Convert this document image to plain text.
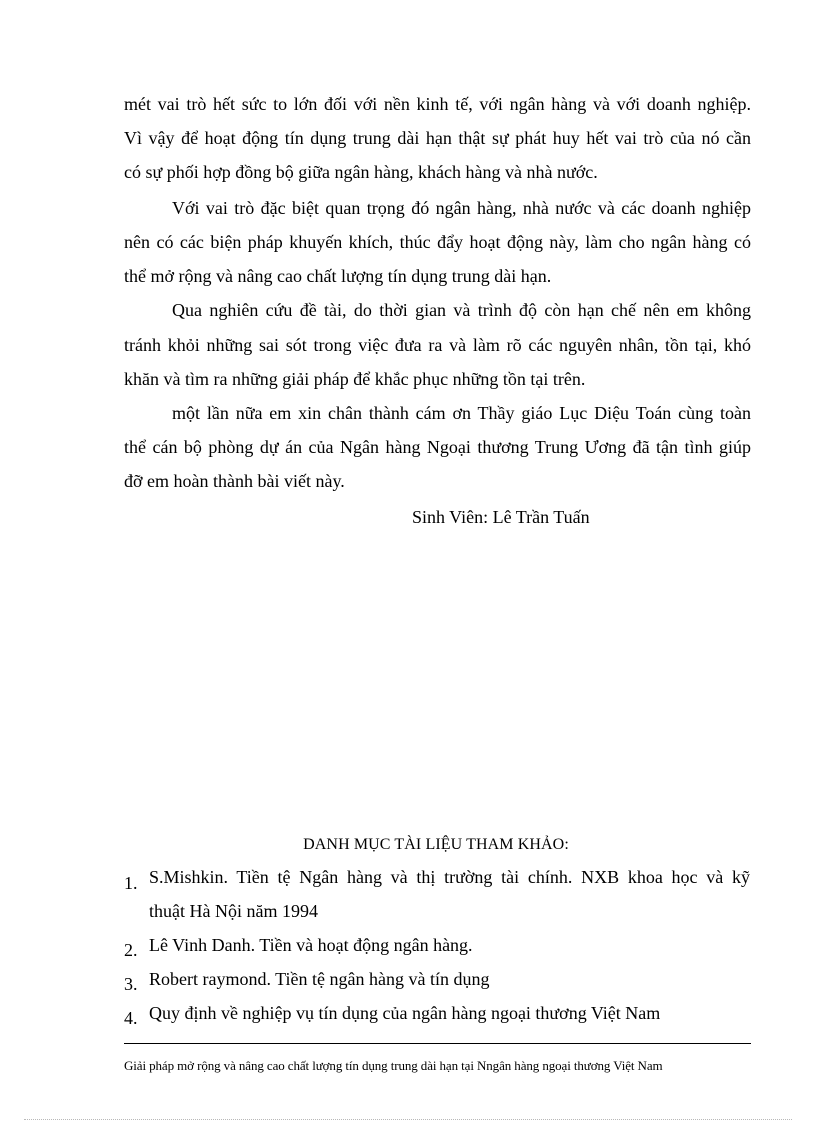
mét vai trò hết sức to lớn đối với nền kinh tế, với ngân hàng và với doanh nghiệp.
Vì vậy để hoạt động tín dụng trung dài hạn thật sự phát huy hết vai trò của nó cần
có sự phối hợp đồng bộ giữa ngân hàng, khách hàng và nhà nước.
Với vai trò đặc biệt quan trọng đó ngân hàng, nhà nước và các doanh nghiệp
nên có các biện pháp khuyến khích, thúc đẩy hoạt động này, làm cho ngân hàng có
thể mở rộng và nâng cao chất lượng tín dụng trung dài hạn.
Qua nghiên cứu đề tài, do thời gian và trình độ còn hạn chế nên em không
tránh khỏi những sai sót trong việc đưa ra và làm rõ các nguyên nhân, tồn tại, khó
khăn và tìm ra những giải pháp để khắc phục những tồn tại trên.
một lần nữa em xin chân thành cám ơn Thầy giáo Lục Diệu Toán cùng toàn
thể cán bộ phòng dự án của Ngân hàng Ngoại thương Trung Ương đã tận tình giúp
đỡ em hoàn thành bài viết này.
Sinh Viên: Lê Trần Tuấn
DANH MỤC TÀI LIỆU THAM KHẢO:
1. S.Mishkin. Tiền tệ Ngân hàng và thị trường tài chính. NXB khoa học và kỹ
thuật Hà Nội năm 1994
2. Lê Vinh Danh. Tiền và hoạt động ngân hàng.
3. Robert raymond. Tiền tệ ngân hàng và tín dụng
4. Quy định về nghiệp vụ tín dụng của ngân hàng ngoại thương Việt Nam
Giải pháp mở rộng và nâng cao chất lượng tín dụng trung dài hạn tại Nngân hàng ngoại thương Việt Nam
